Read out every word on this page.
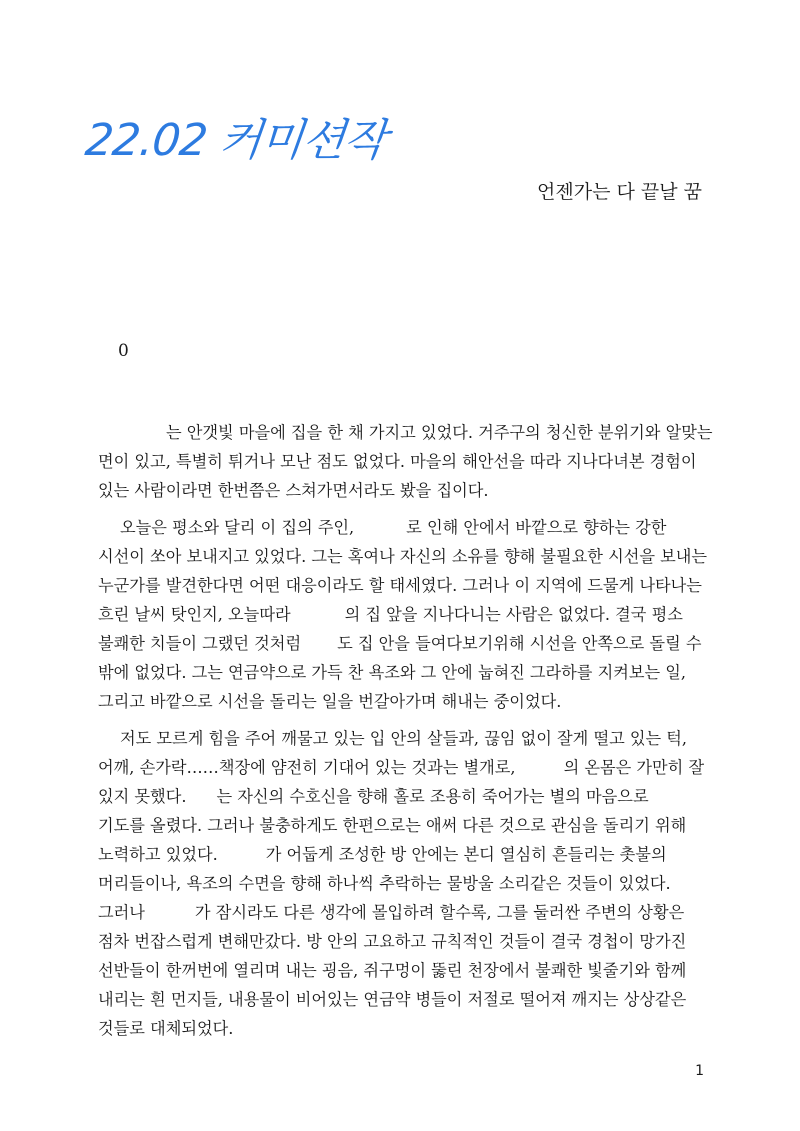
22.02 커미션작
언젠가는 다 끝날 꿈
0

는 안갯빛 마을에 집을 한 채 가지고 있었다. 거주구의 청신한 분위기와 알맞는
면이 있고, 특별히 튀거나 모난 점도 없었다. 마을의 해안선을 따라 지나다녀본 경험이
있는 사람이라면 한번쯤은 스쳐가면서라도 봤을 집이다.

오늘은 평소와 달리 이 집의 주인,	로 인해 안에서 바깥으로 향하는 강한
시선이 쏘아 보내지고 있었다. 그는 혹여나 자신의 소유를 향해 불필요한 시선을 보내는
누군가를 발견한다면 어떤 대응이라도 할 태세였다. 그러나 이 지역에 드물게 나타나는
흐린 날씨 탓인지, 오늘따라	의 집 앞을 지나다니는 사람은 없었다. 결국 평소
불쾌한 치들이 그랬던 것처럼 도 집 안을 들여다보기위해 시선을 안쪽으로 돌릴 수
밖에 없었다. 그는 연금약으로 가득 찬 욕조와 그 안에 눕혀진 그라하를 지켜보는 일,
그리고 바깥으로 시선을 돌리는 일을 번갈아가며 해내는 중이었다.

저도 모르게 힘을 주어 깨물고 있는 입 안의 살들과, 끊임 없이 잘게 떨고 있는 턱,
어깨, 손가락……책장에 얌전히 기대어 있는 것과는 별개로,	의 온몸은 가만히 잘
있지 못했다. 는 자신의 수호신을 향해 홀로 조용히 죽어가는 별의 마음으로
기도를 올렸다. 그러나 불충하게도 한편으로는 애써 다른 것으로 관심을 돌리기 위해
노력하고 있었다.	가 어둡게 조성한 방 안에는 본디 열심히 흔들리는 촛불의
머리들이나, 욕조의 수면을 향해 하나씩 추락하는 물방울 소리같은 것들이 있었다.
그러나	가 잠시라도 다른 생각에 몰입하려 할수록, 그를 둘러싼 주변의 상황은
점차 번잡스럽게 변해만갔다. 방 안의 고요하고 규칙적인 것들이 결국 경첩이 망가진
선반들이 한꺼번에 열리며 내는 굉음, 쥐구멍이 뚫린 천장에서 불쾌한 빛줄기와 함께
내리는 흰 먼지들, 내용물이 비어있는 연금약 병들이 저절로 떨어져 깨지는 상상같은
것들로 대체되었다.

1
